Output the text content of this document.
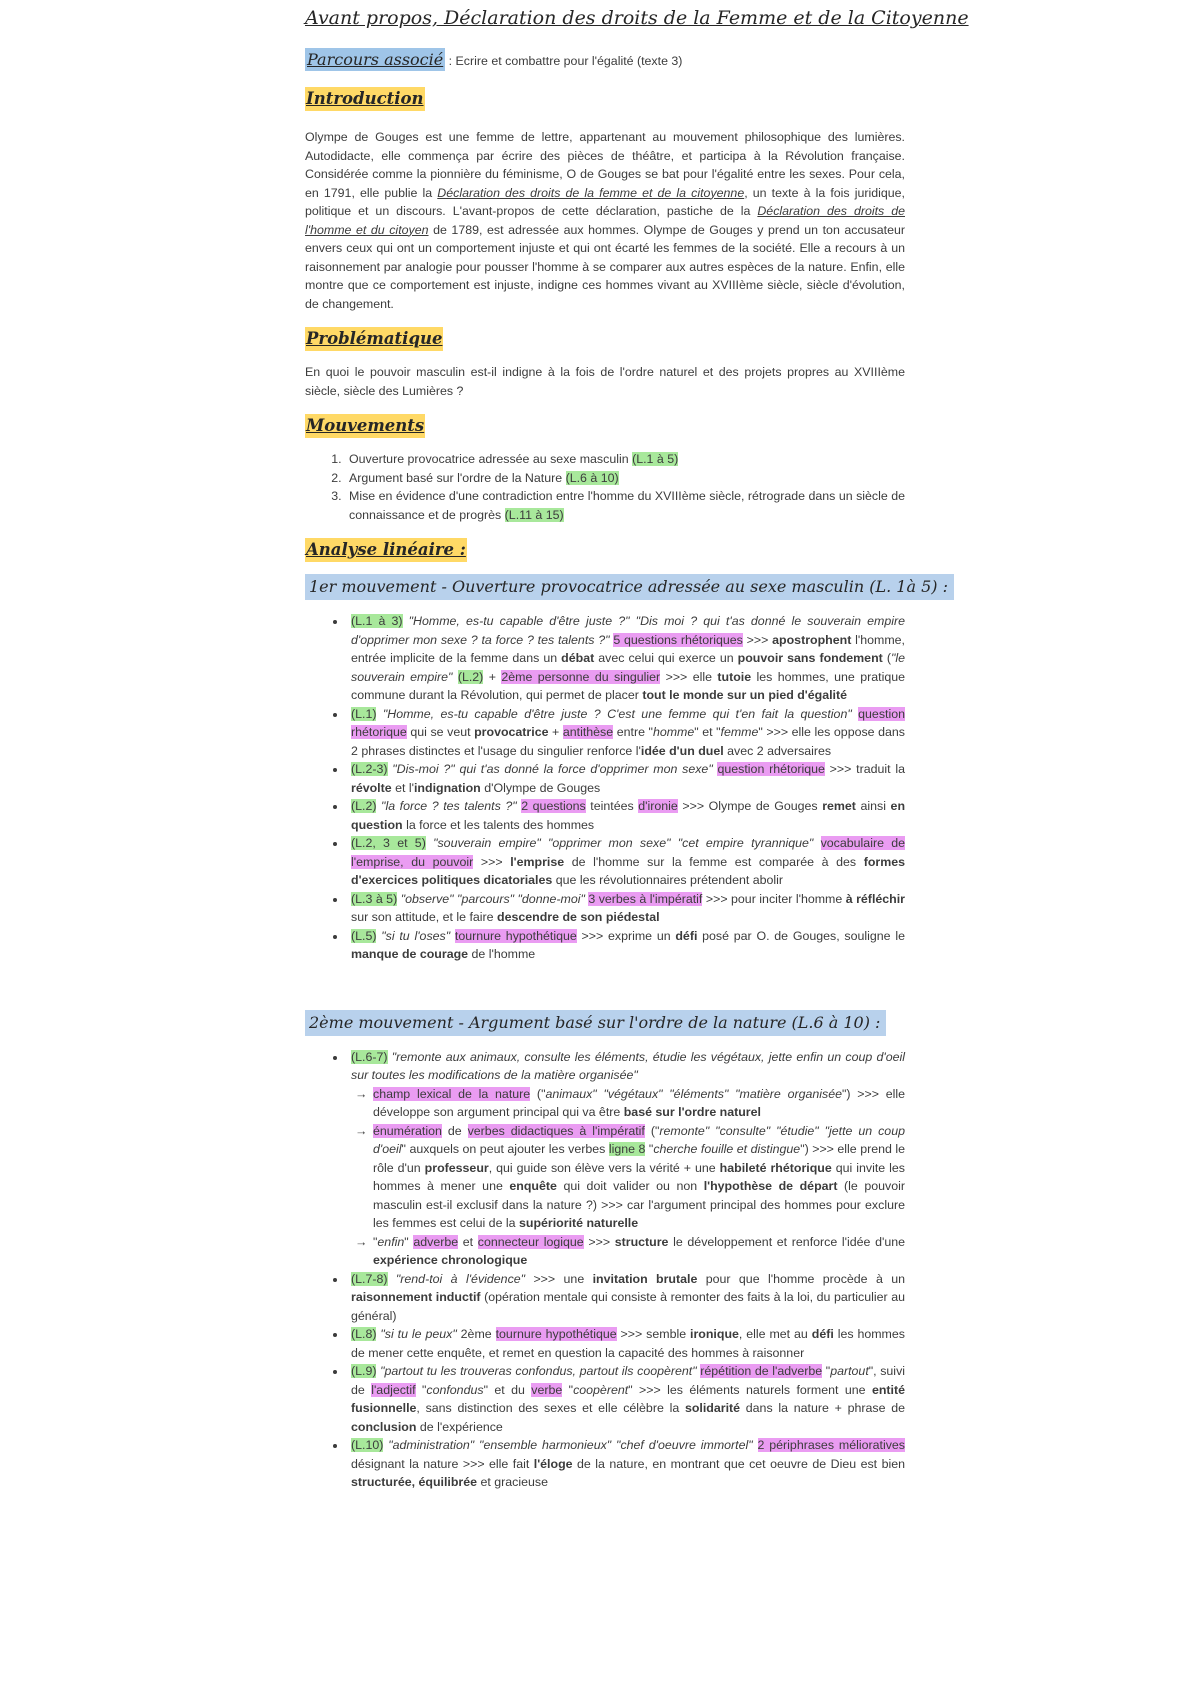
Avant propos, Déclaration des droits de la Femme et de la Citoyenne
Parcours associé : Ecrire et combattre pour l'égalité (texte 3)
Introduction

Olympe de Gouges est une femme de lettre, appartenant au mouvement philosophique des lumières. Autodidacte, elle commença par écrire des pièces de théâtre, et participa à la Révolution française. Considérée comme la pionnière du féminisme, O de Gouges se bat pour l'égalité entre les sexes. Pour cela, en 1791, elle publie la Déclaration des droits de la femme et de la citoyenne, un texte à la fois juridique, politique et un discours. L'avant-propos de cette déclaration, pastiche de la Déclaration des droits de l'homme et du citoyen de 1789, est adressée aux hommes. Olympe de Gouges y prend un ton accusateur envers ceux qui ont un comportement injuste et qui ont écarté les femmes de la société. Elle a recours à un raisonnement par analogie pour pousser l'homme à se comparer aux autres espèces de la nature. Enfin, elle montre que ce comportement est injuste, indigne ces hommes vivant au XVIIIème siècle, siècle d'évolution, de changement.

Problématique

En quoi le pouvoir masculin est-il indigne à la fois de l'ordre naturel et des projets propres au XVIIIème siècle, siècle des Lumières ?

Mouvements
1. Ouverture provocatrice adressée au sexe masculin (L.1 à 5)
2. Argument basé sur l'ordre de la Nature (L.6 à 10)
3. Mise en évidence d'une contradiction entre l'homme du XVIIIème siècle, rétrograde dans un siècle de connaissance et de progrès (L.11 à 15)
Analyse linéaire :
1er mouvement - Ouverture provocatrice adressée au sexe masculin (L. 1à 5) :
• (L.1 à 3) "Homme, es-tu capable d'être juste ?" "Dis moi ? qui t'as donné le souverain empire d'opprimer mon sexe ? ta force ? tes talents ?" 5 questions rhétoriques >>> apostrophent l'homme, entrée implicite de la femme dans un débat avec celui qui exerce un pouvoir sans fondement ("le souverain empire" (L.2) + 2ème personne du singulier >>> elle tutoie les hommes, une pratique commune durant la Révolution, qui permet de placer tout le monde sur un pied d'égalité
• (L.1) "Homme, es-tu capable d'être juste ? C'est une femme qui t'en fait la question" question rhétorique qui se veut provocatrice + antithèse entre "homme" et "femme" >>> elle les oppose dans 2 phrases distinctes et l'usage du singulier renforce l'idée d'un duel avec 2 adversaires
• (L.2-3) "Dis-moi ?" qui t'as donné la force d'opprimer mon sexe" question rhétorique >>> traduit la révolte et l'indignation d'Olympe de Gouges
• (L.2) "la force ? tes talents ?" 2 questions teintées d'ironie >>> Olympe de Gouges remet ainsi en question la force et les talents des hommes
• (L.2, 3 et 5) "souverain empire" "opprimer mon sexe" "cet empire tyrannique" vocabulaire de l'emprise, du pouvoir >>> l'emprise de l'homme sur la femme est comparée à des formes d'exercices politiques dicatoriales que les révolutionnaires prétendent abolir
• (L.3 à 5) "observe" "parcours" "donne-moi" 3 verbes à l'impératif >>> pour inciter l'homme à réfléchir sur son attitude, et le faire descendre de son piédestal
• (L.5) "si tu l'oses" tournure hypothétique >>> exprime un défi posé par O. de Gouges, souligne le manque de courage de l'homme
2ème mouvement - Argument basé sur l'ordre de la nature (L.6 à 10) :
• (L.6-7) "remonte aux animaux, consulte les éléments, étudie les végétaux, jette enfin un coup d'oeil sur toutes les modifications de la matière organisée"
→ champ lexical de la nature ("animaux" "végétaux" "éléments" "matière organisée") >>> elle développe son argument principal qui va être basé sur l'ordre naturel
→ énumération de verbes didactiques à l'impératif ("remonte" "consulte" "étudie" "jette un coup d'oeil" auxquels on peut ajouter les verbes ligne 8 "cherche fouille et distingue") >>> elle prend le rôle d'un professeur, qui guide son élève vers la vérité + une habileté rhétorique qui invite les hommes à mener une enquête qui doit valider ou non l'hypothèse de départ (le pouvoir masculin est-il exclusif dans la nature ?) >>> car l'argument principal des hommes pour exclure les femmes est celui de la supériorité naturelle
→ "enfin" adverbe et connecteur logique >>> structure le développement et renforce l'idée d'une expérience chronologique
• (L.7-8) "rend-toi à l'évidence" >>> une invitation brutale pour que l'homme procède à un raisonnement inductif (opération mentale qui consiste à remonter des faits à la loi, du particulier au général)
• (L.8) "si tu le peux" 2ème tournure hypothétique >>> semble ironique, elle met au défi les hommes de mener cette enquête, et remet en question la capacité des hommes à raisonner
• (L.9) "partout tu les trouveras confondus, partout ils coopèrent" répétition de l'adverbe "partout", suivi de l'adjectif "confondus" et du verbe "coopèrent" >>> les éléments naturels forment une entité fusionnelle, sans distinction des sexes et elle célèbre la solidarité dans la nature + phrase de conclusion de l'expérience
• (L.10) "administration" "ensemble harmonieux" "chef d'oeuvre immortel" 2 périphrases mélioratives désignant la nature >>> elle fait l'éloge de la nature, en montrant que cet oeuvre de Dieu est bien structurée, équilibrée et gracieuse
